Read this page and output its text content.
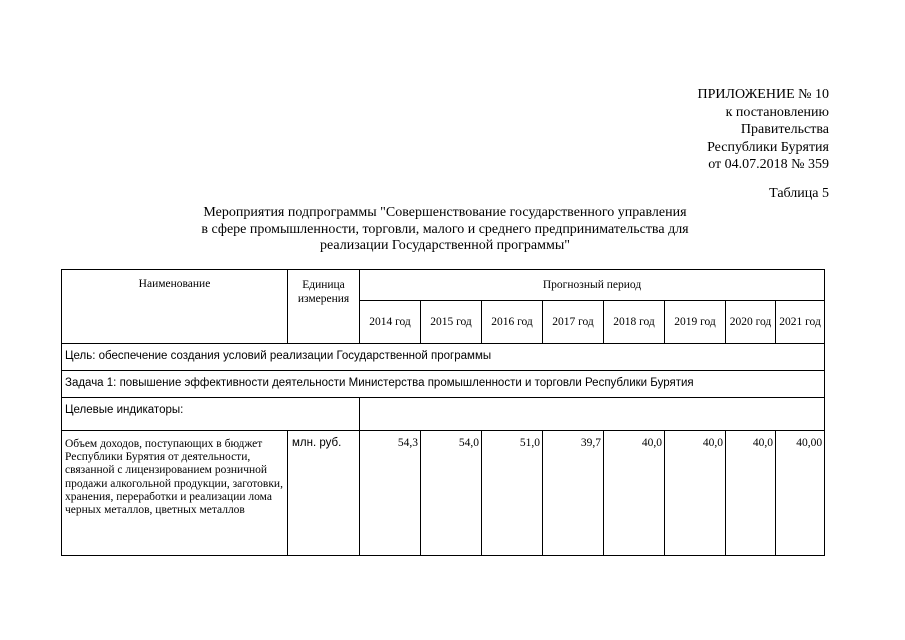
ПРИЛОЖЕНИЕ № 10
к постановлению
Правительства
Республики Бурятия
от 04.07.2018 № 359
Таблица 5
Мероприятия подпрограммы "Совершенствование государственного управления в сфере промышленности, торговли, малого и среднего предпринимательства для реализации Государственной программы"
Наименование	Единица измерения	Прогнозный период							
		2014 год	2015 год	2016 год	2017 год	2018 год	2019 год	2020 год	2021 год
Цель: обеспечение создания условий реализации Государственной программы									
Задача 1: повышение эффективности деятельности Министерства промышленности и торговли Республики Бурятия									
Целевые индикаторы:									
Объем доходов, поступающих в бюджет Республики Бурятия от деятельности, связанной с лицензированием розничной продажи алкогольной продукции, заготовки, хранения, переработки и реализации лома черных металлов, цветных металлов	млн. руб.	54,3	54,0	51,0	39,7	40,0	40,0	40,0	40,00
